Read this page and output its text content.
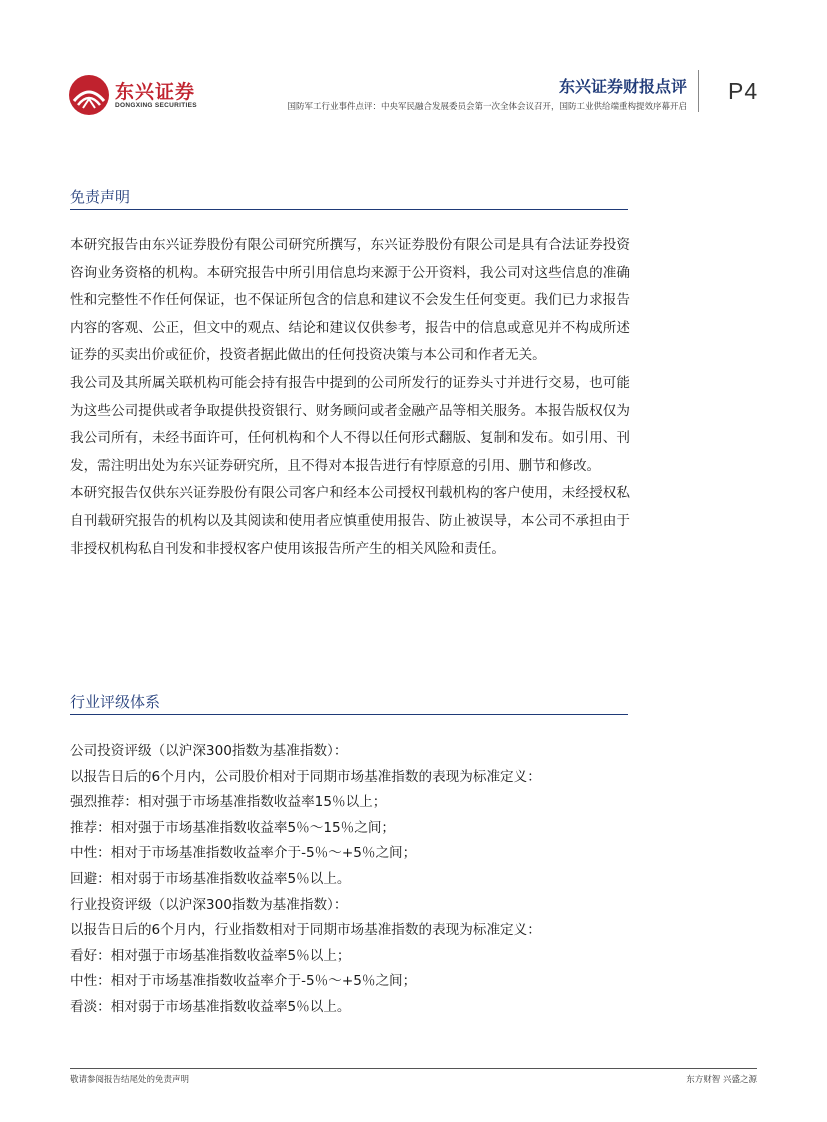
东兴证券
DONGXING SECURITIES
东兴证券财报点评
国防军工行业事件点评：中央军民融合发展委员会第一次全体会议召开，国防工业供给端重构提效序幕开启
P4
免责声明

本研究报告由东兴证券股份有限公司研究所撰写，东兴证券股份有限公司是具有合法证券投资咨询业务资格的机构。本研究报告中所引用信息均来源于公开资料，我公司对这些信息的准确性和完整性不作任何保证，也不保证所包含的信息和建议不会发生任何变更。我们已力求报告内容的客观、公正，但文中的观点、结论和建议仅供参考，报告中的信息或意见并不构成所述证券的买卖出价或征价，投资者据此做出的任何投资决策与本公司和作者无关。

我公司及其所属关联机构可能会持有报告中提到的公司所发行的证券头寸并进行交易，也可能为这些公司提供或者争取提供投资银行、财务顾问或者金融产品等相关服务。本报告版权仅为我公司所有，未经书面许可，任何机构和个人不得以任何形式翻版、复制和发布。如引用、刊发，需注明出处为东兴证券研究所，且不得对本报告进行有悖原意的引用、删节和修改。

本研究报告仅供东兴证券股份有限公司客户和经本公司授权刊载机构的客户使用，未经授权私自刊载研究报告的机构以及其阅读和使用者应慎重使用报告、防止被误导，本公司不承担由于非授权机构私自刊发和非授权客户使用该报告所产生的相关风险和责任。

行业评级体系

公司投资评级（以沪深300指数为基准指数）：

以报告日后的6个月内，公司股价相对于同期市场基准指数的表现为标准定义：

强烈推荐：相对强于市场基准指数收益率15％以上；

推荐：相对强于市场基准指数收益率5％～15％之间；

中性：相对于市场基准指数收益率介于-5％～+5％之间；

回避：相对弱于市场基准指数收益率5％以上。

行业投资评级（以沪深300指数为基准指数）：

以报告日后的6个月内，行业指数相对于同期市场基准指数的表现为标准定义：

看好：相对强于市场基准指数收益率5％以上；

中性：相对于市场基准指数收益率介于-5％～+5％之间；

看淡：相对弱于市场基准指数收益率5％以上。

敬请参阅报告结尾处的免责声明	东方财智 兴盛之源
